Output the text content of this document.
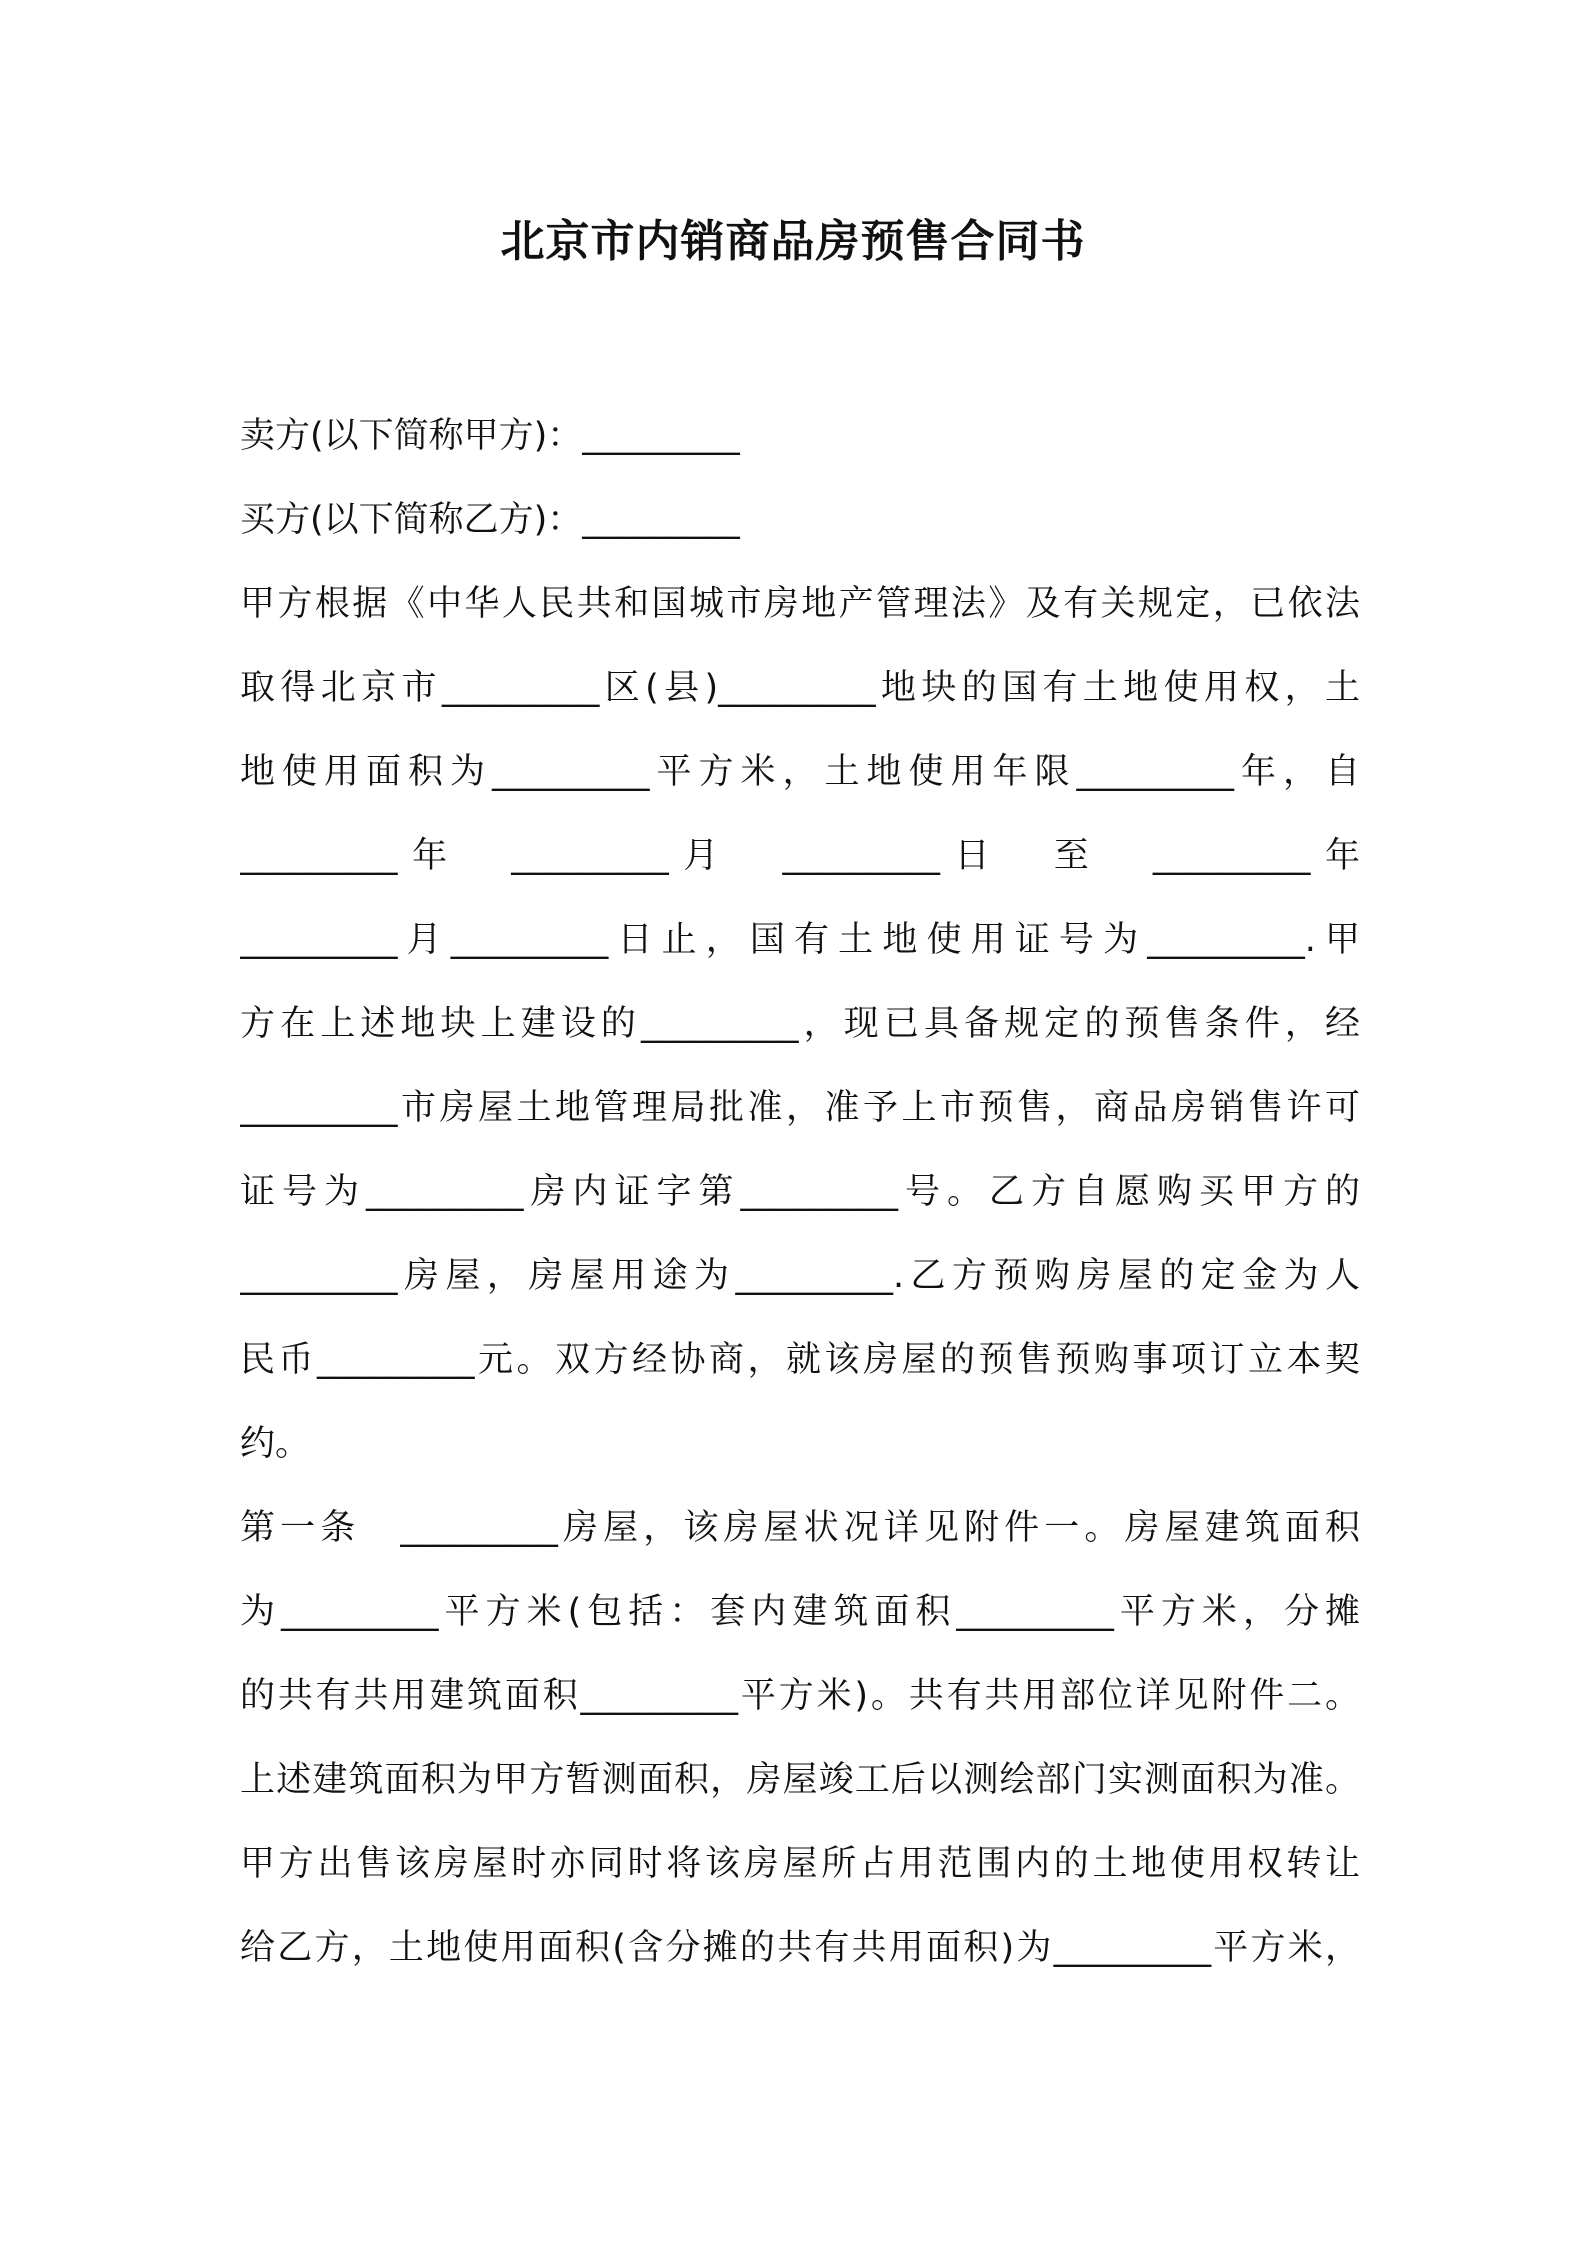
北京市内销商品房预售合同书
卖方(以下简称甲方)：_________
买方(以下简称乙方)：_________
甲方根据《中华人民共和国城市房地产管理法》及有关规定，已依法
取得北京市_________区(县)_________地块的国有土地使用权，土
地使用面积为_________平方米，土地使用年限_________年，自
_________年　_________月　_________日　至　_________年
_________月_________日止，国有土地使用证号为_________.甲
方在上述地块上建设的_________，现已具备规定的预售条件，经
_________市房屋土地管理局批准，准予上市预售，商品房销售许可
证号为_________房内证字第_________号。乙方自愿购买甲方的
_________房屋，房屋用途为_________.乙方预购房屋的定金为人
民币_________元。双方经协商，就该房屋的预售预购事项订立本契
约。
第一条　_________房屋，该房屋状况详见附件一。房屋建筑面积
为_________平方米(包括：套内建筑面积_________平方米，分摊
的共有共用建筑面积_________平方米)。共有共用部位详见附件二。
上述建筑面积为甲方暂测面积，房屋竣工后以测绘部门实测面积为准。
甲方出售该房屋时亦同时将该房屋所占用范围内的土地使用权转让
给乙方，土地使用面积(含分摊的共有共用面积)为_________平方米，
